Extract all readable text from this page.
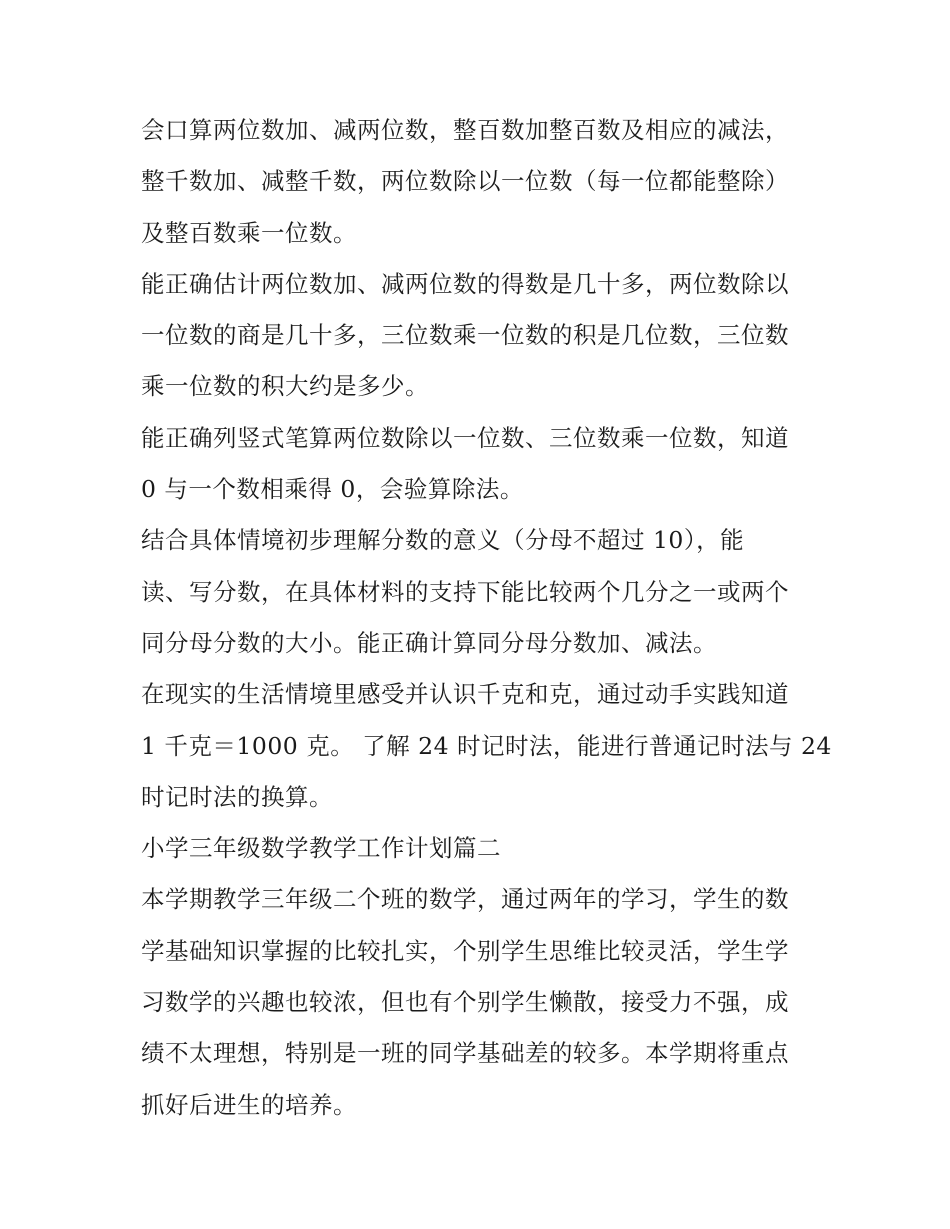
会口算两位数加、减两位数，整百数加整百数及相应的减法，
整千数加、减整千数，两位数除以一位数（每一位都能整除）
及整百数乘一位数。
能正确估计两位数加、减两位数的得数是几十多，两位数除以
一位数的商是几十多，三位数乘一位数的积是几位数，三位数
乘一位数的积大约是多少。
能正确列竖式笔算两位数除以一位数、三位数乘一位数，知道
0 与一个数相乘得 0，会验算除法。
结合具体情境初步理解分数的意义（分母不超过 10），能
读、写分数，在具体材料的支持下能比较两个几分之一或两个
同分母分数的大小。能正确计算同分母分数加、减法。
在现实的生活情境里感受并认识千克和克，通过动手实践知道
1 千克＝1000 克。 了解 24 时记时法，能进行普通记时法与 24
时记时法的换算。
小学三年级数学教学工作计划篇二
本学期教学三年级二个班的数学，通过两年的学习，学生的数
学基础知识掌握的比较扎实，个别学生思维比较灵活，学生学
习数学的兴趣也较浓，但也有个别学生懒散，接受力不强，成
绩不太理想，特别是一班的同学基础差的较多。本学期将重点
抓好后进生的培养。
